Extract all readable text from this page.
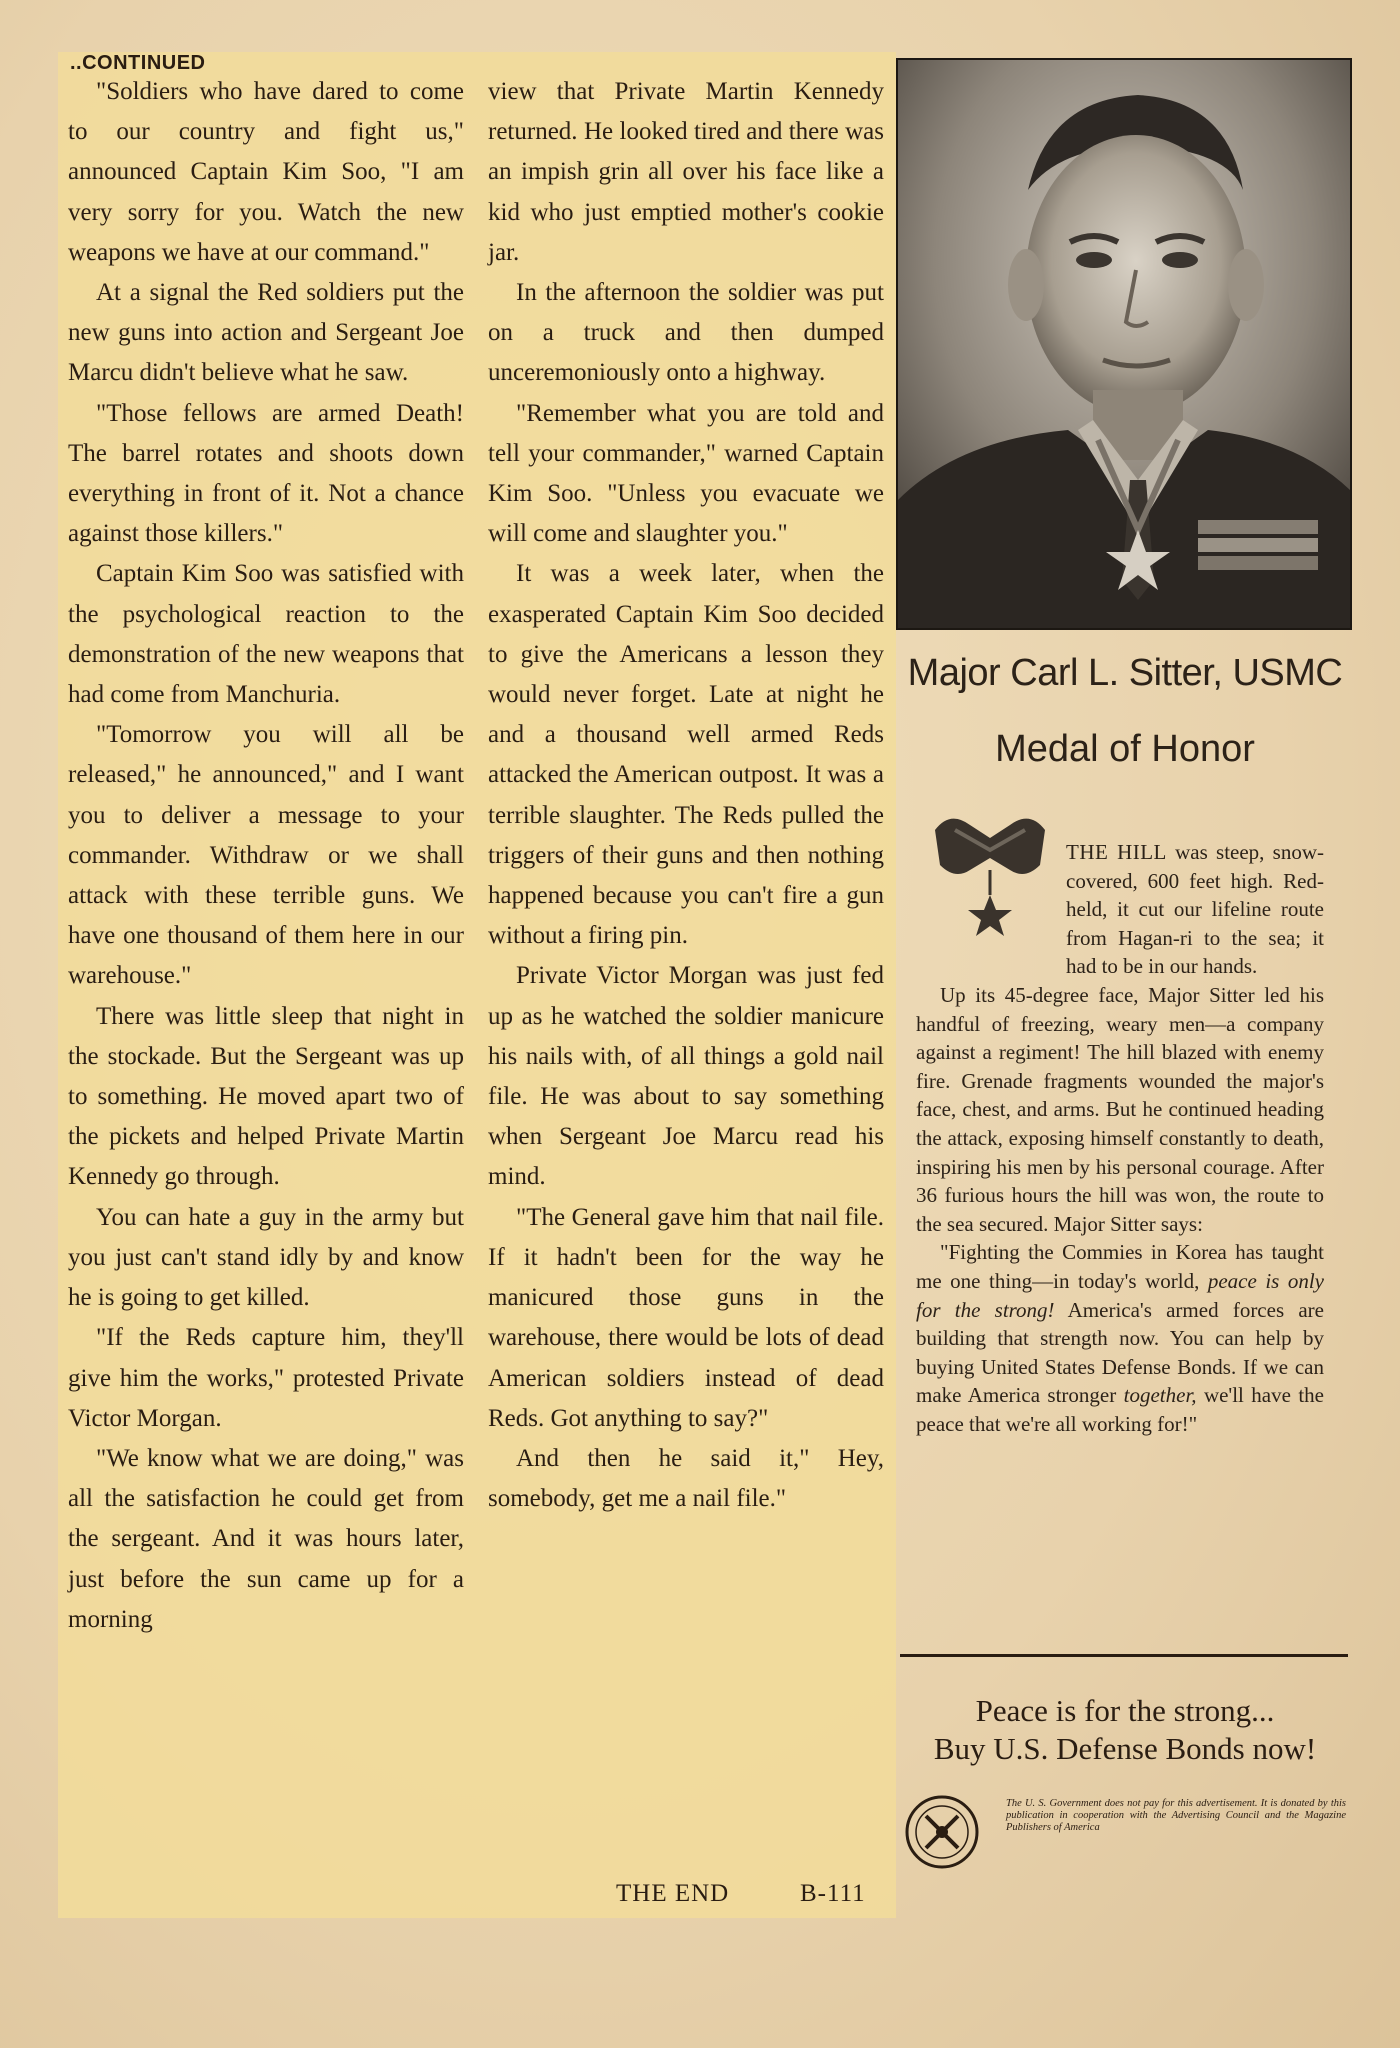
..CONTINUED

"Soldiers who have dared to come to our country and fight us," announced Captain Kim Soo, "I am very sorry for you. Watch the new weapons we have at our command."

At a signal the Red soldiers put the new guns into action and Sergeant Joe Marcu didn't believe what he saw.

"Those fellows are armed Death! The barrel rotates and shoots down everything in front of it. Not a chance against those killers."

Captain Kim Soo was satisfied with the psychological reaction to the demonstration of the new weapons that had come from Manchuria.

"Tomorrow you will all be released," he announced," and I want you to deliver a message to your commander. Withdraw or we shall attack with these terrible guns. We have one thousand of them here in our warehouse."

There was little sleep that night in the stockade. But the Sergeant was up to something. He moved apart two of the pickets and helped Private Martin Kennedy go through.

You can hate a guy in the army but you just can't stand idly by and know he is going to get killed.

"If the Reds capture him, they'll give him the works," protested Private Victor Morgan.

"We know what we are doing," was all the satisfaction he could get from the sergeant. And it was hours later, just before the sun came up for a morning

view that Private Martin Kennedy returned. He looked tired and there was an impish grin all over his face like a kid who just emptied mother's cookie jar.

In the afternoon the soldier was put on a truck and then dumped unceremoniously onto a highway.

"Remember what you are told and tell your commander," warned Captain Kim Soo. "Unless you evacuate we will come and slaughter you."

It was a week later, when the exasperated Captain Kim Soo decided to give the Americans a lesson they would never forget. Late at night he and a thousand well armed Reds attacked the American outpost. It was a terrible slaughter. The Reds pulled the triggers of their guns and then nothing happened because you can't fire a gun without a firing pin.

Private Victor Morgan was just fed up as he watched the soldier manicure his nails with, of all things a gold nail file. He was about to say something when Sergeant Joe Marcu read his mind.

"The General gave him that nail file. If it hadn't been for the way he manicured those guns in the warehouse, there would be lots of dead American soldiers instead of dead Reds. Got anything to say?"

And then he said it," Hey, somebody, get me a nail file."

THE END	B-111
Major Carl L. Sitter, USMC
Medal of Honor

THE HILL was steep, snow-covered, 600 feet high. Red-held, it cut our lifeline route from Hagan-ri to the sea; it had to be in our hands.

Up its 45-degree face, Major Sitter led his handful of freezing, weary men—a company against a regiment! The hill blazed with enemy fire. Grenade fragments wounded the major's face, chest, and arms. But he continued heading the attack, exposing himself constantly to death, inspiring his men by his personal courage. After 36 furious hours the hill was won, the route to the sea secured. Major Sitter says:

"Fighting the Commies in Korea has taught me one thing—in today's world, peace is only for the strong! America's armed forces are building that strength now. You can help by buying United States Defense Bonds. If we can make America stronger together, we'll have the peace that we're all working for!"

Peace is for the strong...
Buy U.S. Defense Bonds now!
The U. S. Government does not pay for this advertisement. It is donated by this publication in cooperation with the Advertising Council and the Magazine Publishers of America
